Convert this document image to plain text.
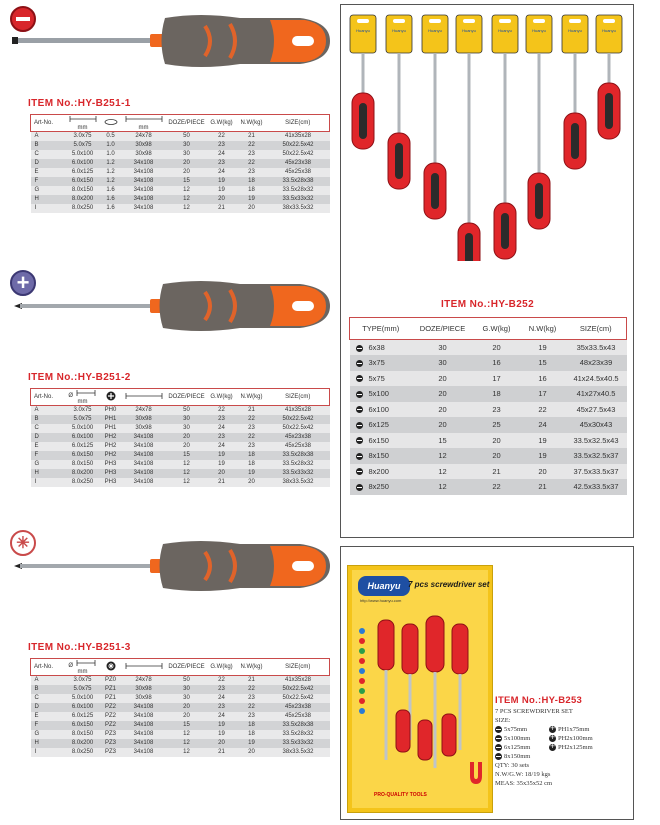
ITEM No.:HY-B251-1
Art-No.	mm		mm	DOZE/PIECE	G.W(kg)	N.W(kg)	SIZE(cm)
A	3.0x75	0.5	24x78	50	22	21	41x35x28
B	5.0x75	1.0	30x98	30	23	22	50x22.5x42
C	5.0x100	1.0	30x98	30	24	23	50x22.5x42
D	6.0x100	1.2	34x108	20	23	22	45x23x38
E	6.0x125	1.2	34x108	20	24	23	45x25x38
F	6.0x150	1.2	34x108	15	19	18	33.5x28x38
G	8.0x150	1.6	34x108	12	19	18	33.5x28x32
H	8.0x200	1.6	34x108	12	20	19	33.5x33x32
I	8.0x250	1.6	34x108	12	21	20	38x33.5x32
+
ITEM No.:HY-B251-2
Art-No.	Ø  mm			DOZE/PIECE	G.W(kg)	N.W(kg)	SIZE(cm)
A	3.0x75	PH0	24x78	50	22	21	41x35x28
B	5.0x75	PH1	30x98	30	23	22	50x22.5x42
C	5.0x100	PH1	30x98	30	24	23	50x22.5x42
D	6.0x100	PH2	34x108	20	23	22	45x23x38
E	6.0x125	PH2	34x108	20	24	23	45x25x38
F	6.0x150	PH2	34x108	15	19	18	33.5x28x38
G	8.0x150	PH3	34x108	12	19	18	33.5x28x32
H	8.0x200	PH3	34x108	12	20	19	33.5x33x32
I	8.0x250	PH3	34x108	12	21	20	38x33.5x32
✳
ITEM No.:HY-B251-3
Art-No.	Ø  mm			DOZE/PIECE	G.W(kg)	N.W(kg)	SIZE(cm)
A	3.0x75	PZ0	24x78	50	22	21	41x35x28
B	5.0x75	PZ1	30x98	30	23	22	50x22.5x42
C	5.0x100	PZ1	30x98	30	24	23	50x22.5x42
D	6.0x100	PZ2	34x108	20	23	22	45x23x38
E	6.0x125	PZ2	34x108	20	24	23	45x25x38
F	6.0x150	PZ2	34x108	15	19	18	33.5x28x38
G	8.0x150	PZ3	34x108	12	19	18	33.5x28x32
H	8.0x200	PZ3	34x108	12	20	19	33.5x33x32
I	8.0x250	PZ3	34x108	12	21	20	38x33.5x32
Huanyu	Huanyu	Huanyu	Huanyu	Huanyu	Huanyu	Huanyu	Huanyu
ITEM No.:HY-B252
TYPE(mm)	DOZE/PIECE	G.W(kg)	N.W(kg)	SIZE(cm)
6x38	30	20	19	35x33.5x43
3x75	30	16	15	48x23x39
5x75	20	17	16	41x24.5x40.5
5x100	20	18	17	41x27x40.5
6x100	20	23	22	45x27.5x43
6x125	20	25	24	45x30x43
6x150	15	20	19	33.5x32.5x43
8x150	12	20	19	33.5x32.5x37
8x200	12	21	20	37.5x33.5x37
8x250	12	22	21	42.5x33.5x37
Huanyu 7 pcs screwdriver set
http://www.huanyu.com
PRO-QUALITY TOOLS
ITEM No.:HY-B253
7 PCS SCREWDRIVER SET
SIZE:
5x75mm +	PH1x75mm
5x100mm +	PH2x100mm
6x125mm +	PH2x125mm
8x150mm
QTY: 30 sets
N.W/G.W: 18/19 kgs
MEAS: 35x35x52 cm
